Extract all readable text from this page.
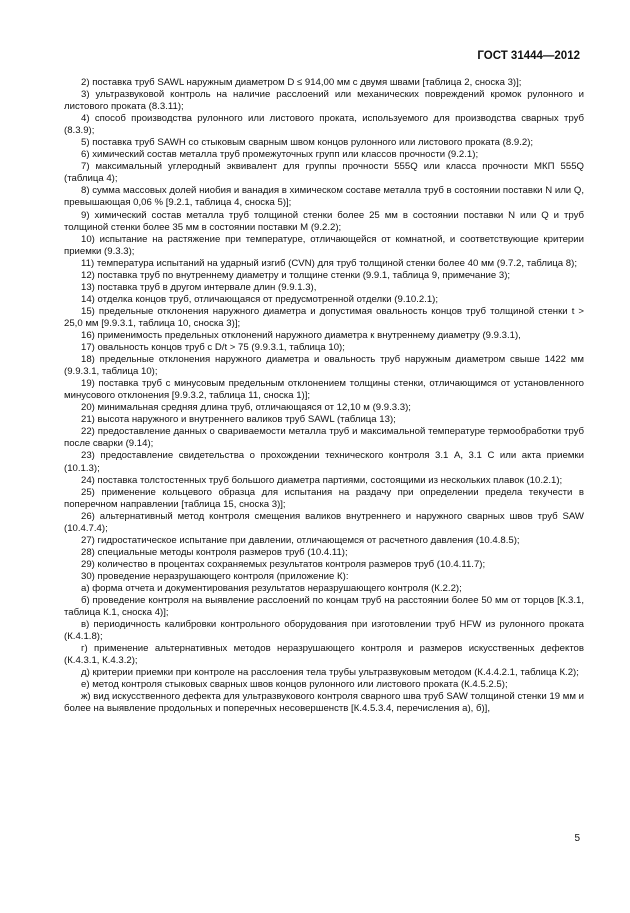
ГОСТ 31444—2012

2) поставка труб SAWL наружным диаметром D ≤ 914,00 мм с двумя швами [таблица 2, сноска 3)];

3) ультразвуковой контроль на наличие расслоений или механических повреждений кромок рулонного и листового проката (8.3.11);

4) способ производства рулонного или листового проката, используемого для производства сварных труб (8.3.9);

5) поставка труб SAWH со стыковым сварным швом концов рулонного или листового проката (8.9.2);

6) химический состав металла труб промежуточных групп или классов прочности (9.2.1);

7) максимальный углеродный эквивалент для группы прочности 555Q или класса прочности МКП 555Q (таблица 4);

8) сумма массовых долей ниобия и ванадия в химическом составе металла труб в состоянии поставки N или Q, превышающая 0,06 % [9.2.1, таблица 4, сноска 5)];

9) химический состав металла труб толщиной стенки более 25 мм в состоянии поставки N или Q и труб толщиной стенки более 35 мм в состоянии поставки M (9.2.2);

10) испытание на растяжение при температуре, отличающейся от комнатной, и соответствующие критерии приемки (9.3.3);

11) температура испытаний на ударный изгиб (CVN) для труб толщиной стенки более 40 мм (9.7.2, таблица 8);

12) поставка труб по внутреннему диаметру и толщине стенки (9.9.1, таблица 9, примечание 3);

13) поставка труб в другом интервале длин (9.9.1.3),

14) отделка концов труб, отличающаяся от предусмотренной отделки (9.10.2.1);

15) предельные отклонения наружного диаметра и допустимая овальность концов труб толщиной стенки t > 25,0 мм [9.9.3.1, таблица 10, сноска 3)];

16) применимость предельных отклонений наружного диаметра к внутреннему диаметру (9.9.3.1),

17) овальность концов труб с D/t > 75 (9.9.3.1, таблица 10);

18) предельные отклонения наружного диаметра и овальность труб наружным диаметром свыше 1422 мм (9.9.3.1, таблица 10);

19) поставка труб с минусовым предельным отклонением толщины стенки, отличающимся от установленного минусового отклонения [9.9.3.2, таблица 11, сноска 1)];

20) минимальная средняя длина труб, отличающаяся от 12,10 м (9.9.3.3);

21) высота наружного и внутреннего валиков труб SAWL (таблица 13);

22) предоставление данных о свариваемости металла труб и максимальной температуре термообработки труб после сварки (9.14);

23) предоставление свидетельства о прохождении технического контроля 3.1 A, 3.1 C или акта приемки (10.1.3);

24) поставка толстостенных труб большого диаметра партиями, состоящими из нескольких плавок (10.2.1);

25) применение кольцевого образца для испытания на раздачу при определении предела текучести в поперечном направлении [таблица 15, сноска 3)];

26) альтернативный метод контроля смещения валиков внутреннего и наружного сварных швов труб SAW (10.4.7.4);

27) гидростатическое испытание при давлении, отличающемся от расчетного давления (10.4.8.5);

28) специальные методы контроля размеров труб (10.4.11);

29) количество в процентах сохраняемых результатов контроля размеров труб (10.4.11.7);

30) проведение неразрушающего контроля (приложение К):

а) форма отчета и документирования результатов неразрушающего контроля (К.2.2);

б) проведение контроля на выявление расслоений по концам труб на расстоянии более 50 мм от торцов [К.3.1, таблица К.1, сноска 4)];

в) периодичность калибровки контрольного оборудования при изготовлении труб HFW из рулонного проката (К.4.1.8);

г) применение альтернативных методов неразрушающего контроля и размеров искусственных дефектов (К.4.3.1, К.4.3.2);

д) критерии приемки при контроле на расслоения тела трубы ультразвуковым методом (К.4.4.2.1, таблица К.2);

е) метод контроля стыковых сварных швов концов рулонного или листового проката (К.4.5.2.5);

ж) вид искусственного дефекта для ультразвукового контроля сварного шва труб SAW толщиной стенки 19 мм и более на выявление продольных и поперечных несовершенств [К.4.5.3.4, перечисления а), б)],

5
